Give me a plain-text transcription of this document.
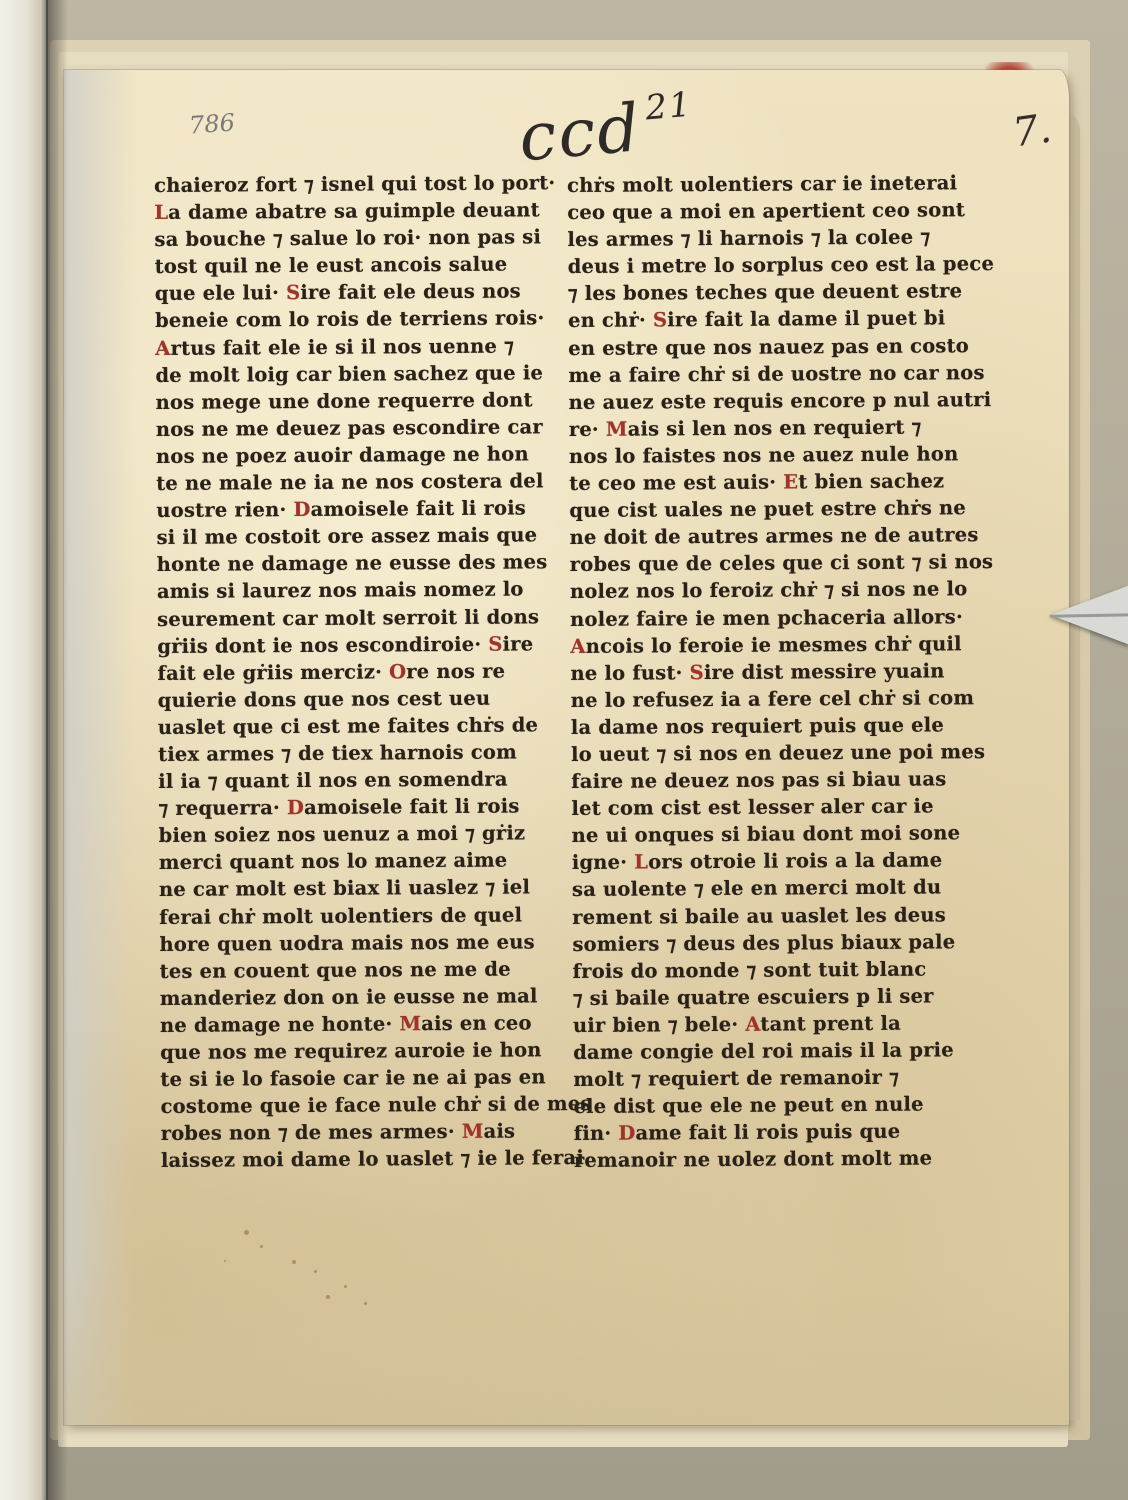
786	ccd$^{21}$	7.
chaieroz fort ⁊ isnel qui tost lo port·
La dame abatre sa guimple deuant
sa bouche ⁊ salue lo roi· non pas si
tost quil ne le eust ancois salue
que ele lui· Sire fait ele deus nos
beneie com lo rois de terriens rois·
Artus fait ele ie si il nos uenne ⁊
de molt loig car bien sachez que ie
nos mege une done requerre dont
nos ne me deuez pas escondire car
nos ne poez auoir damage ne hon
te ne male ne ia ne nos costera del
uostre rien· Damoisele fait li rois
si il me costoit ore assez mais que
honte ne damage ne eusse des mes
amis si laurez nos mais nomez lo
seurement car molt serroit li dons
gṙiis dont ie nos escondiroie· Sire
fait ele gṙiis merciz· Ore nos re
quierie dons que nos cest ueu
uaslet que ci est me faites chṙs de
tiex armes ⁊ de tiex harnois com
il ia ⁊ quant il nos en somendra
⁊ requerra· Damoisele fait li rois
bien soiez nos uenuz a moi ⁊ gṙiz
merci quant nos lo manez aime
ne car molt est biax li uaslez ⁊ iel
ferai chṙ molt uolentiers de quel
hore quen uodra mais nos me eus
tes en couent que nos ne me de
manderiez don on ie eusse ne mal
ne damage ne honte· Mais en ceo
que nos me requirez auroie ie hon
te si ie lo fasoie car ie ne ai pas en
costome que ie face nule chṙ si de mes
robes non ⁊ de mes armes· Mais
laissez moi dame lo uaslet ⁊ ie le ferai
chṙs molt uolentiers car ie ineterai
ceo que a moi en apertient ceo sont
les armes ⁊ li harnois ⁊ la colee ⁊
deus i metre lo sorplus ceo est la pece
⁊ les bones teches que deuent estre
en chṙ· Sire fait la dame il puet bi
en estre que nos nauez pas en costo
me a faire chṙ si de uostre no car nos
ne auez este requis encore p nul autri
re· Mais si len nos en requiert ⁊
nos lo faistes nos ne auez nule hon
te ceo me est auis· Et bien sachez
que cist uales ne puet estre chṙs ne
ne doit de autres armes ne de autres
robes que de celes que ci sont ⁊ si nos
nolez nos lo feroiz chṙ ⁊ si nos ne lo
nolez faire ie men pchaceria allors·
Ancois lo feroie ie mesmes chṙ quil
ne lo fust· Sire dist messire yuain
ne lo refusez ia a fere cel chṙ si com
la dame nos requiert puis que ele
lo ueut ⁊ si nos en deuez une poi mes
faire ne deuez nos pas si biau uas
let com cist est lesser aler car ie
ne ui onques si biau dont moi sone
igne· Lors otroie li rois a la dame
sa uolente ⁊ ele en merci molt du
rement si baile au uaslet les deus
somiers ⁊ deus des plus biaux pale
frois do monde ⁊ sont tuit blanc
⁊ si baile quatre escuiers p li ser
uir bien ⁊ bele· Atant prent la
dame congie del roi mais il la prie
molt ⁊ requiert de remanoir ⁊
ele dist que ele ne peut en nule
fin· Dame fait li rois puis que
remanoir ne uolez dont molt me
